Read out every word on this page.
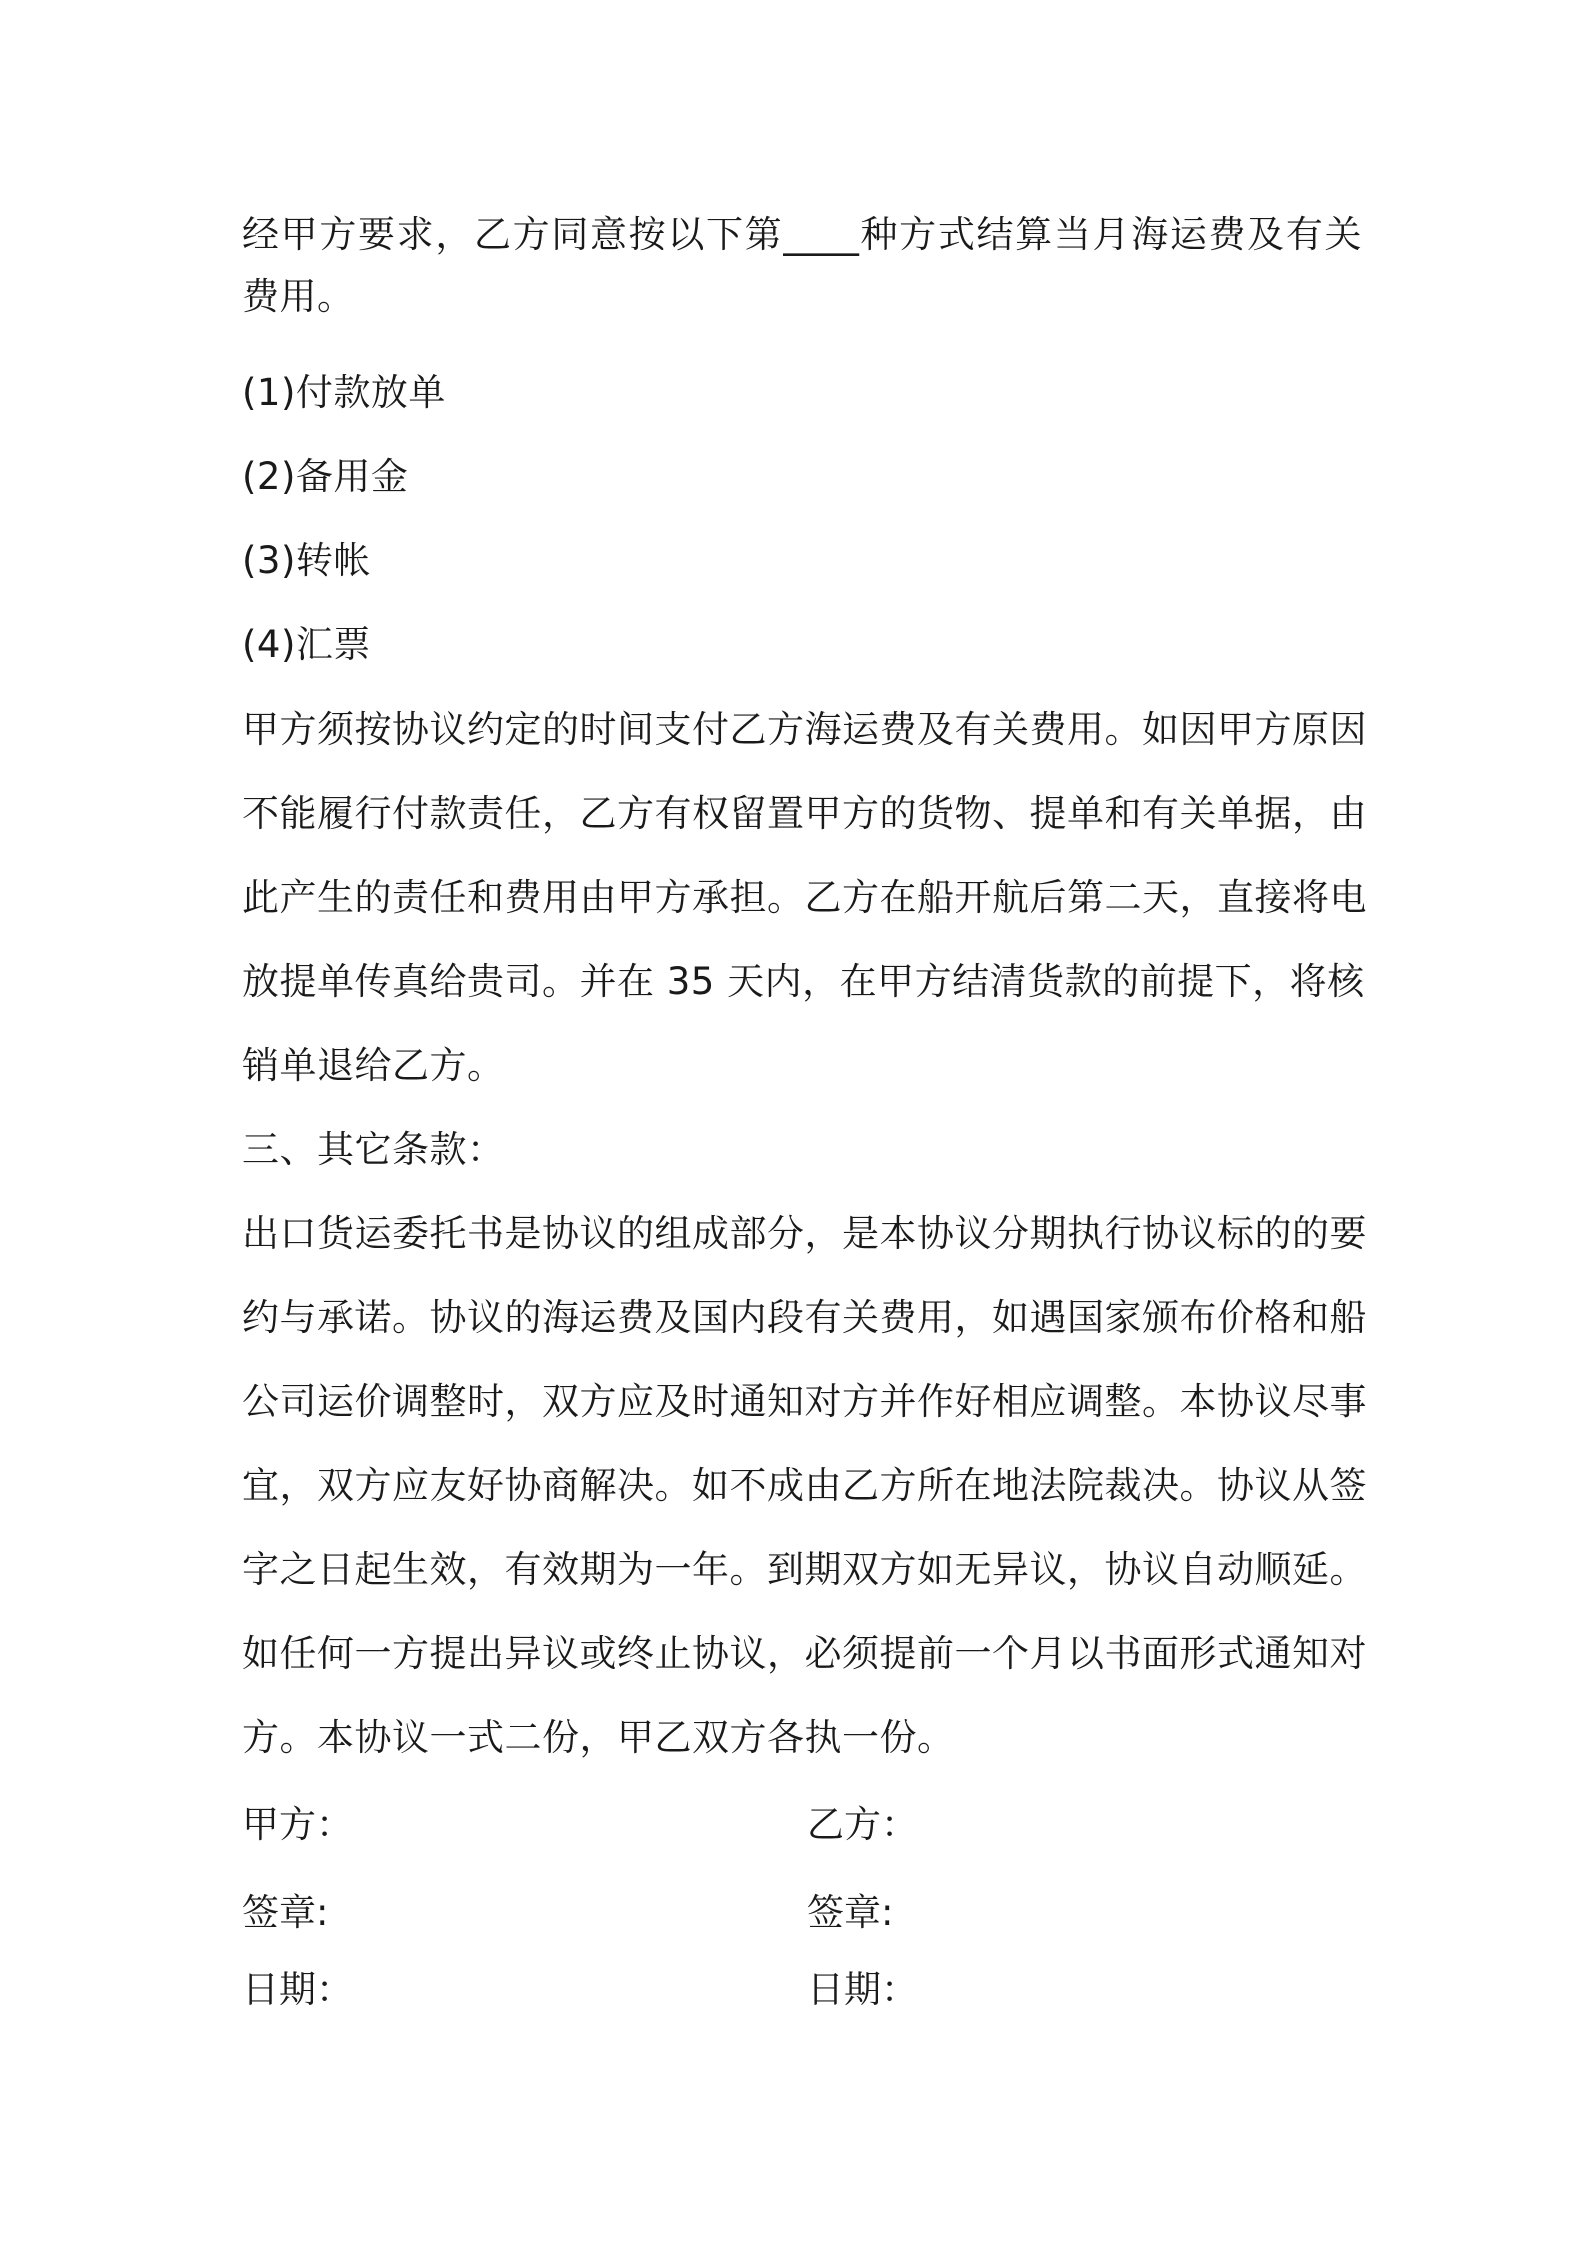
经甲方要求，乙方同意按以下第____种方式结算当月海运费及有关
费用。
(1)付款放单
(2)备用金
(3)转帐
(4)汇票
甲方须按协议约定的时间支付乙方海运费及有关费用。如因甲方原因
不能履行付款责任，乙方有权留置甲方的货物、提单和有关单据，由
此产生的责任和费用由甲方承担。乙方在船开航后第二天，直接将电
放提单传真给贵司。并在 35 天内，在甲方结清货款的前提下，将核
销单退给乙方。
三、其它条款：
出口货运委托书是协议的组成部分，是本协议分期执行协议标的的要
约与承诺。协议的海运费及国内段有关费用，如遇国家颁布价格和船
公司运价调整时，双方应及时通知对方并作好相应调整。本协议尽事
宜，双方应友好协商解决。如不成由乙方所在地法院裁决。协议从签
字之日起生效，有效期为一年。到期双方如无异议，协议自动顺延。
如任何一方提出异议或终止协议，必须提前一个月以书面形式通知对
方。本协议一式二份，甲乙双方各执一份。
甲方：	乙方：
签章:	签章:
日期：	日期：
